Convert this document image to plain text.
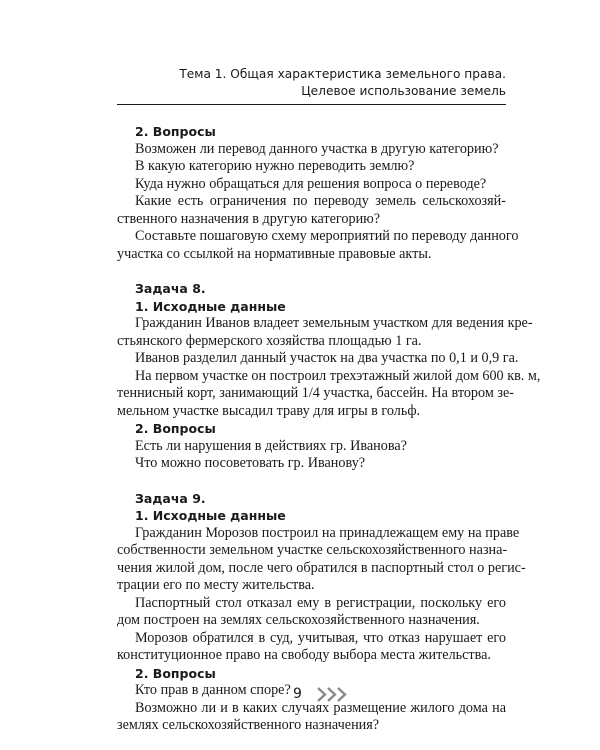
Тема 1. Общая характеристика земельного права.
Целевое использование земель
2. Вопросы
Возможен ли перевод данного участка в другую категорию?
В какую категорию нужно переводить землю?
Куда нужно обращаться для решения вопроса о переводе?
Какие есть ограничения по переводу земель сельскохозяй-
ственного назначения в другую категорию?
Составьте пошаговую схему мероприятий по переводу данного
участка со ссылкой на нормативные правовые акты.
Задача 8.
1. Исходные данные
Гражданин Иванов владеет земельным участком для ведения кре-
стьянского фермерского хозяйства площадью 1 га.
Иванов разделил данный участок на два участка по 0,1 и 0,9 га.
На первом участке он построил трехэтажный жилой дом 600 кв. м,
теннисный корт, занимающий 1/4 участка, бассейн. На втором зе-
мельном участке высадил траву для игры в гольф.
2. Вопросы
Есть ли нарушения в действиях гр. Иванова?
Что можно посоветовать гр. Иванову?
Задача 9.
1. Исходные данные
Гражданин Морозов построил на принадлежащем ему на праве
собственности земельном участке сельскохозяйственного назна-
чения жилой дом, после чего обратился в паспортный стол о регис-
трации его по месту жительства.
Паспортный стол отказал ему в регистрации, поскольку его
дом построен на землях сельскохозяйственного назначения.
Морозов обратился в суд, учитывая, что отказ нарушает его
конституционное право на свободу выбора места жительства.
2. Вопросы
Кто прав в данном споре?
Возможно ли и в каких случаях размещение жилого дома на
землях сельскохозяйственного назначения?
9
